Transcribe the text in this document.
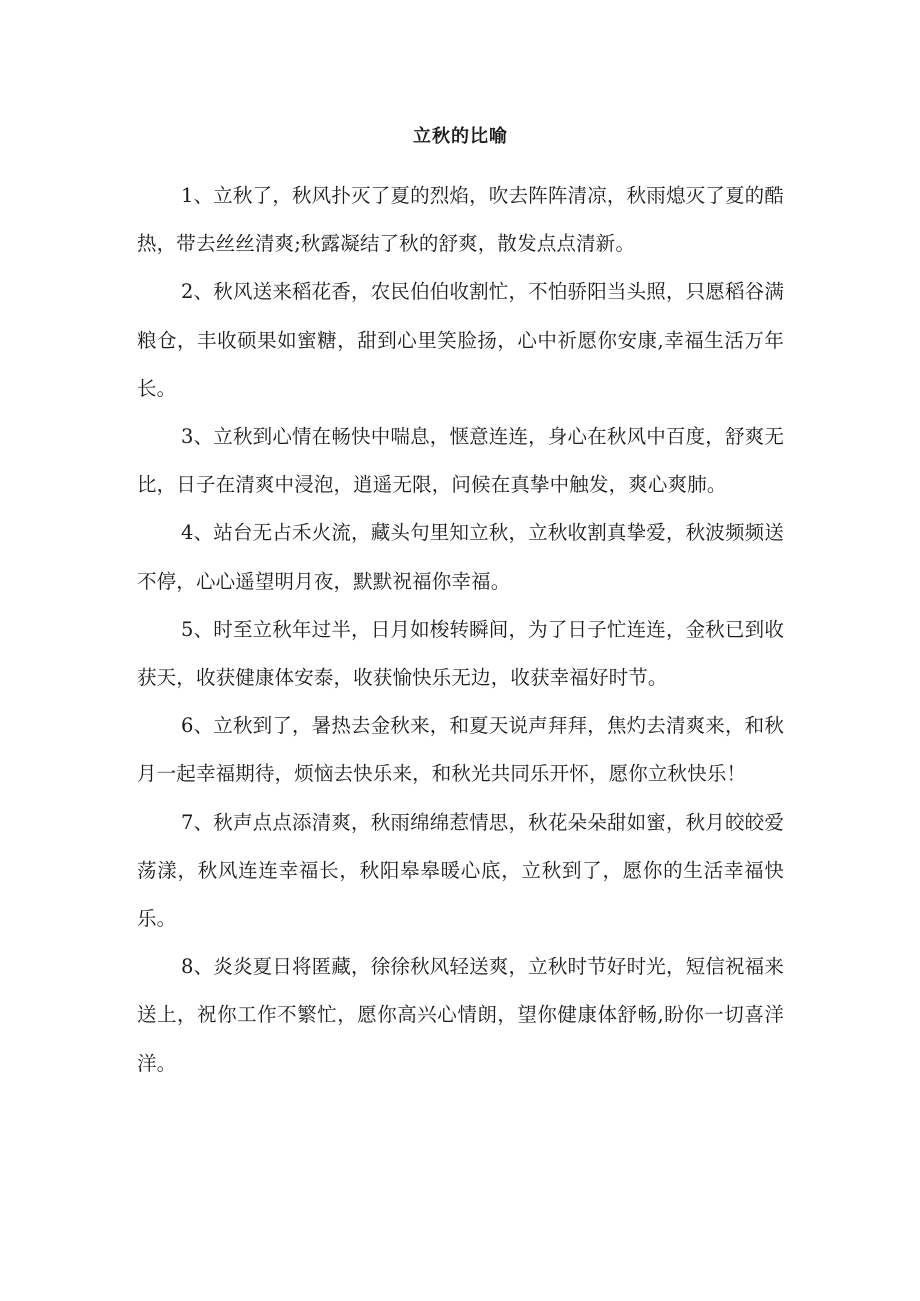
立秋的比喻

1、立秋了，秋风扑灭了夏的烈焰，吹去阵阵清凉，秋雨熄灭了夏的酷热，带去丝丝清爽;秋露凝结了秋的舒爽，散发点点清新。

2、秋风送来稻花香，农民伯伯收割忙，不怕骄阳当头照，只愿稻谷满粮仓，丰收硕果如蜜糖，甜到心里笑脸扬，心中祈愿你安康,幸福生活万年长。

3、立秋到心情在畅快中喘息，惬意连连，身心在秋风中百度，舒爽无比，日子在清爽中浸泡，逍遥无限，问候在真挚中触发，爽心爽肺。

4、站台无占禾火流，藏头句里知立秋，立秋收割真挚爱，秋波频频送不停，心心遥望明月夜，默默祝福你幸福。

5、时至立秋年过半，日月如梭转瞬间，为了日子忙连连，金秋已到收获天，收获健康体安泰，收获愉快乐无边，收获幸福好时节。

6、立秋到了，暑热去金秋来，和夏天说声拜拜，焦灼去清爽来，和秋月一起幸福期待，烦恼去快乐来，和秋光共同乐开怀，愿你立秋快乐！

7、秋声点点添清爽，秋雨绵绵惹情思，秋花朵朵甜如蜜，秋月皎皎爱荡漾，秋风连连幸福长，秋阳皋皋暖心底，立秋到了，愿你的生活幸福快乐。

8、炎炎夏日将匿藏，徐徐秋风轻送爽，立秋时节好时光，短信祝福来送上，祝你工作不繁忙，愿你高兴心情朗，望你健康体舒畅,盼你一切喜洋洋。
